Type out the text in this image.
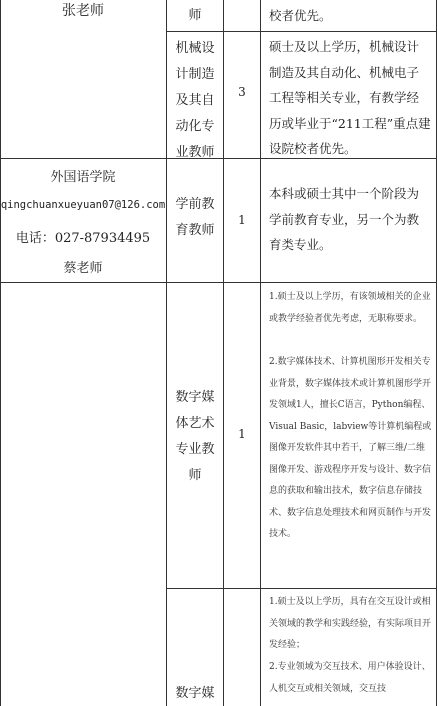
张老师	师	校者优先。
机械设计制造及其自动化专业教师
3
硕士及以上学历，机械设计制造及其自动化、机械电子工程等相关专业，有教学经历或毕业于“211工程”重点建设院校者优先。
外国语学院
qingchuanxueyuan07@126.com
电话：027-87934495
蔡老师
学前教育教师
1
本科或硕士其中一个阶段为学前教育专业，另一个为教育类专业。
数字媒体艺术专业教师
1
1.硕士及以上学历，有该领域相关的企业或教学经验者优先考虑，无职称要求。
2.数字媒体技术、计算机图形开发相关专业背景，数字媒体技术或计算机图形学开发领域1人，擅长C语言，Python编程、Visual Basic，labview等计算机编程或图像开发软件其中若干，了解三维/二维图像开发、游戏程序开发与设计、数字信息的获取和输出技术，数字信息存储技术、数字信息处理技术和网页制作与开发技术。
数字媒
1.硕士及以上学历，具有在交互设计或相关领域的教学和实践经验，有实际项目开发经验；
2.专业领域为交互技术、用户体验设计、人机交互或相关领域，交互技
